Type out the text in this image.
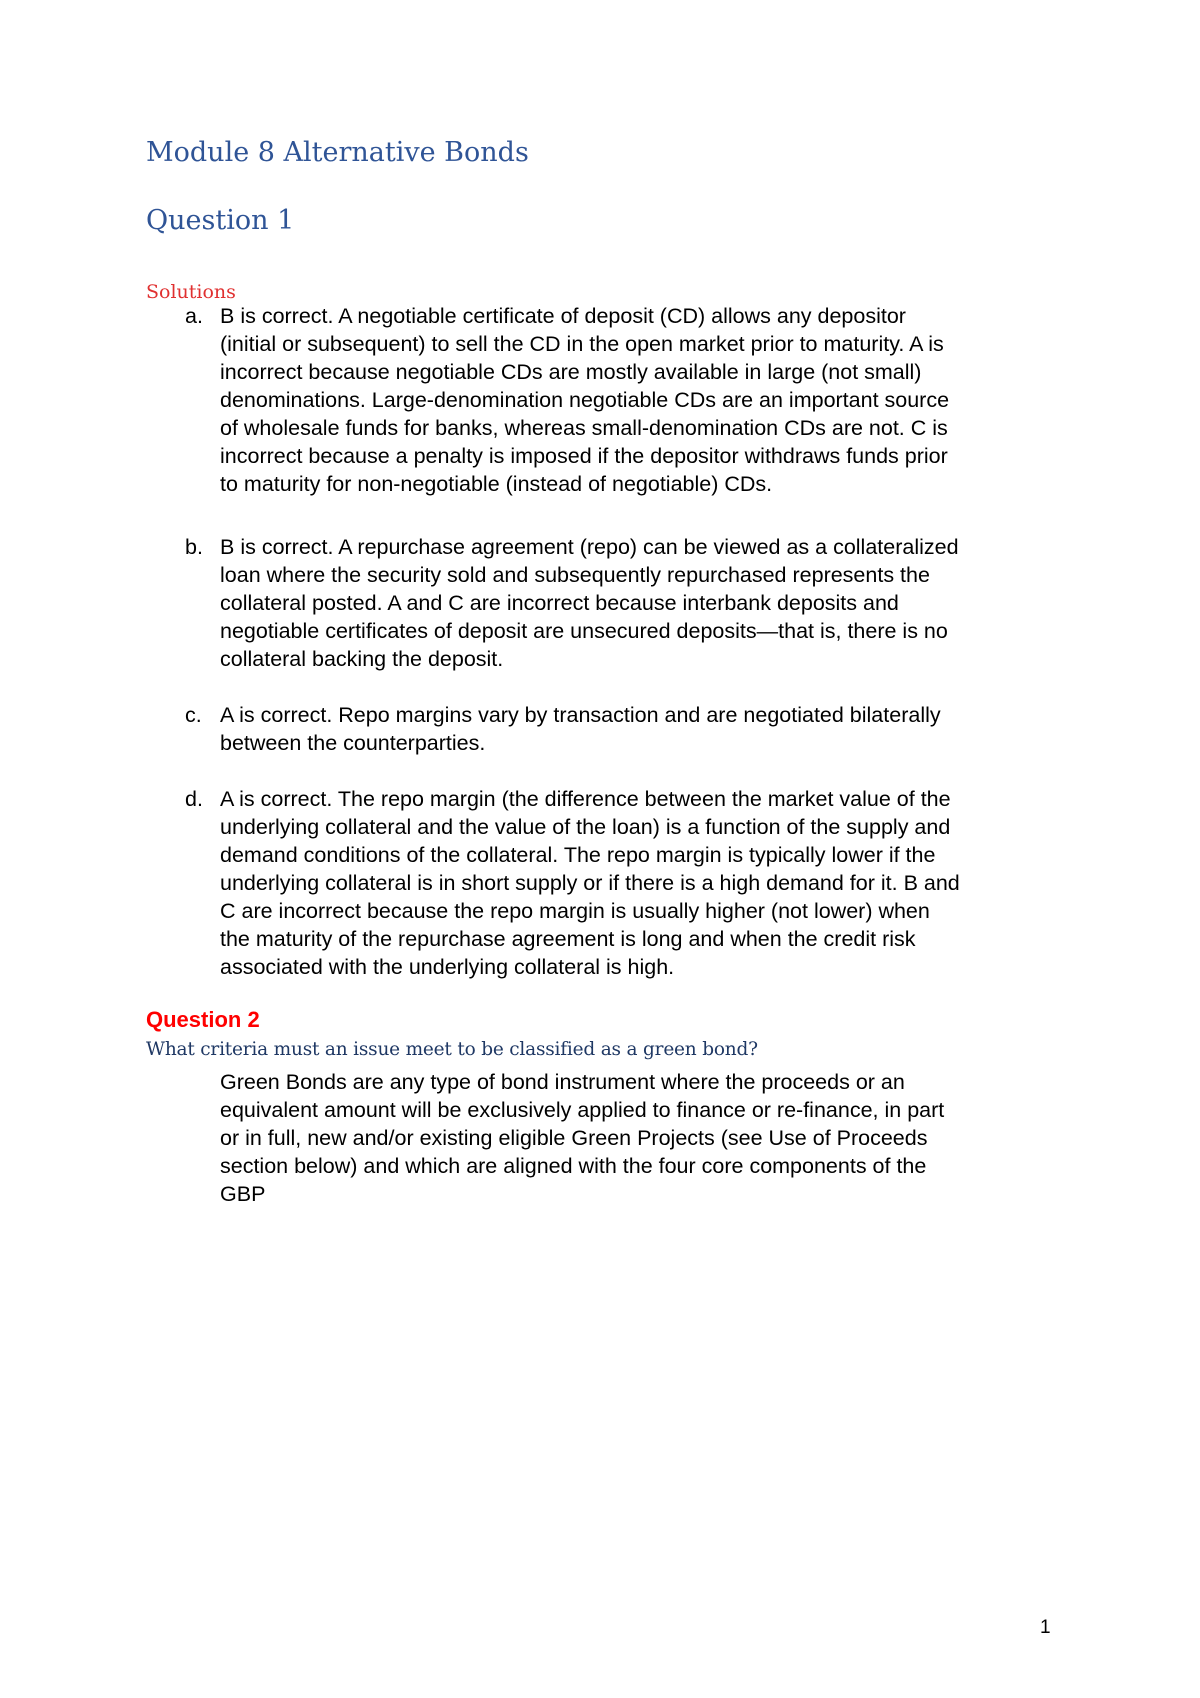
Module 8 Alternative Bonds
Question 1
Solutions
a. B is correct. A negotiable certificate of deposit (CD) allows any depositor
(initial or subsequent) to sell the CD in the open market prior to maturity. A is
incorrect because negotiable CDs are mostly available in large (not small)
denominations. Large-denomination negotiable CDs are an important source
of wholesale funds for banks, whereas small-denomination CDs are not. C is
incorrect because a penalty is imposed if the depositor withdraws funds prior
to maturity for non-negotiable (instead of negotiable) CDs.

b. B is correct. A repurchase agreement (repo) can be viewed as a collateralized
loan where the security sold and subsequently repurchased represents the
collateral posted. A and C are incorrect because interbank deposits and
negotiable certificates of deposit are unsecured deposits—that is, there is no
collateral backing the deposit.

c. A is correct. Repo margins vary by transaction and are negotiated bilaterally
between the counterparties.

d. A is correct. The repo margin (the difference between the market value of the
underlying collateral and the value of the loan) is a function of the supply and
demand conditions of the collateral. The repo margin is typically lower if the
underlying collateral is in short supply or if there is a high demand for it. B and
C are incorrect because the repo margin is usually higher (not lower) when
the maturity of the repurchase agreement is long and when the credit risk
associated with the underlying collateral is high.

Question 2
What criteria must an issue meet to be classified as a green bond?

Green Bonds are any type of bond instrument where the proceeds or an
equivalent amount will be exclusively applied to finance or re-finance, in part
or in full, new and/or existing eligible Green Projects (see Use of Proceeds
section below) and which are aligned with the four core components of the
GBP

1
